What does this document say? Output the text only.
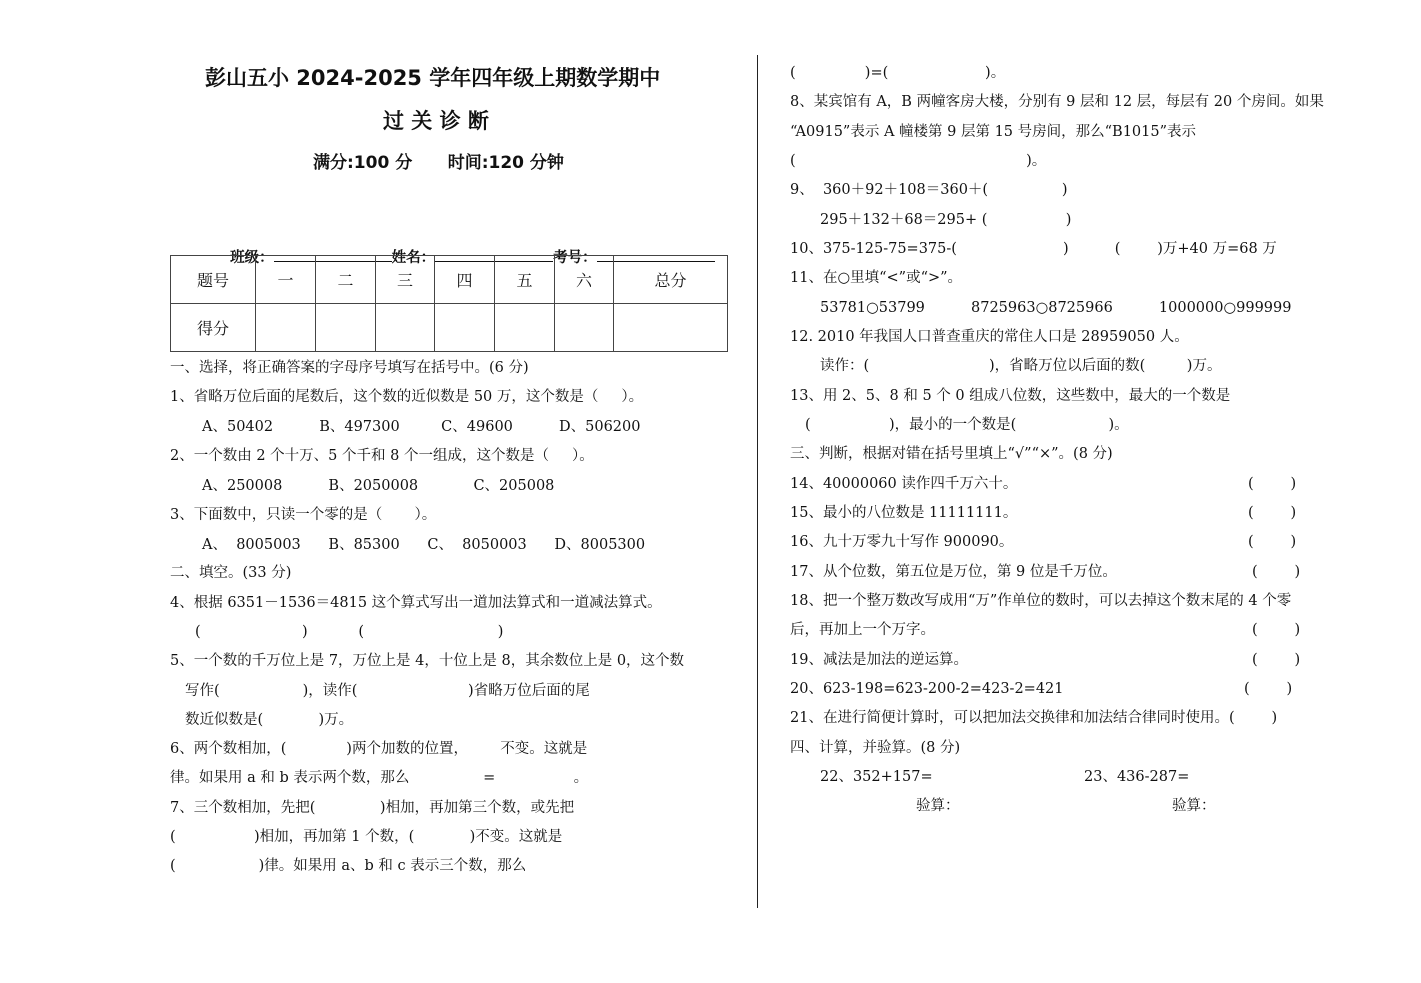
彭山五小 2024-2025 学年四年级上期数学期中
过 关 诊 断
满分:100 分      时间:120 分钟

班级：	姓名：	考号：

题号	一	二	三	四	五	六	总分
得分							
一、选择，将正确答案的字母序号填写在括号中。(6 分)
1、省略万位后面的尾数后，这个数的近似数是 50 万，这个数是（     ）。
A、50402          B、497300         C、49600          D、506200
2、一个数由 2 个十万、5 个千和 8 个一组成，这个数是（     ）。
A、250008          B、2050008            C、205008
3、下面数中，只读一个零的是（       ）。
A、  8005003      B、85300      C、  8050003      D、8005300
二、填空。(33 分)
4、根据 6351－1536＝4815 这个算式写出一道加法算式和一道减法算式。
(                      )           (                             )
5、一个数的千万位上是 7，万位上是 4，十位上是 8，其余数位上是 0，这个数
写作(                  )，读作(                        )省略万位后面的尾
数近似数是(            )万。
6、两个数相加，(             )两个加数的位置，       不变。这就是
律。如果用 a 和 b 表示两个数，那么                =                 。
7、三个数相加，先把(              )相加，再加第三个数，或先把
(                 )相加，再加第 1 个数，(            )不变。这就是
(                  )律。如果用 a、b 和 c 表示三个数，那么
(               )=(                     )。
8、某宾馆有 A，B 两幢客房大楼，分别有 9 层和 12 层，每层有 20 个房间。如果
“A0915”表示 A 幢楼第 9 层第 15 号房间，那么“B1015”表示
(                                                  )。
9、  360＋92＋108＝360＋(                )
295＋132＋68＝295+ (                 )
10、375-125-75=375-(                       )          (        )万+40 万=68 万
11、在○里填“<”或“>”。
53781○53799          8725963○8725966          1000000○999999
12. 2010 年我国人口普查重庆的常住人口是 28959050 人。
读作：(                          )，省略万位以后面的数(         )万。
13、用 2、5、8 和 5 个 0 组成八位数，这些数中，最大的一个数是
(                 )，最小的一个数是(                    )。
三、判断，根据对错在括号里填上“√”“×”。(8 分)
14、40000060 读作四千万六十。	(        )
15、最小的八位数是 11111111。	(        )
16、九十万零九十写作 900090。	(        )
17、从个位数，第五位是万位，第 9 位是千万位。	(        )
18、把一个整万数改写成用“万”作单位的数时，可以去掉这个数末尾的 4 个零
后，再加上一个万字。	(        )
19、减法是加法的逆运算。	(        )
20、623-198=623-200-2=423-2=421	(        )
21、在进行简便计算时，可以把加法交换律和加法结合律同时使用。(        )
四、计算，并验算。(8 分)
22、352+157=	23、436-287=
验算：	验算：
